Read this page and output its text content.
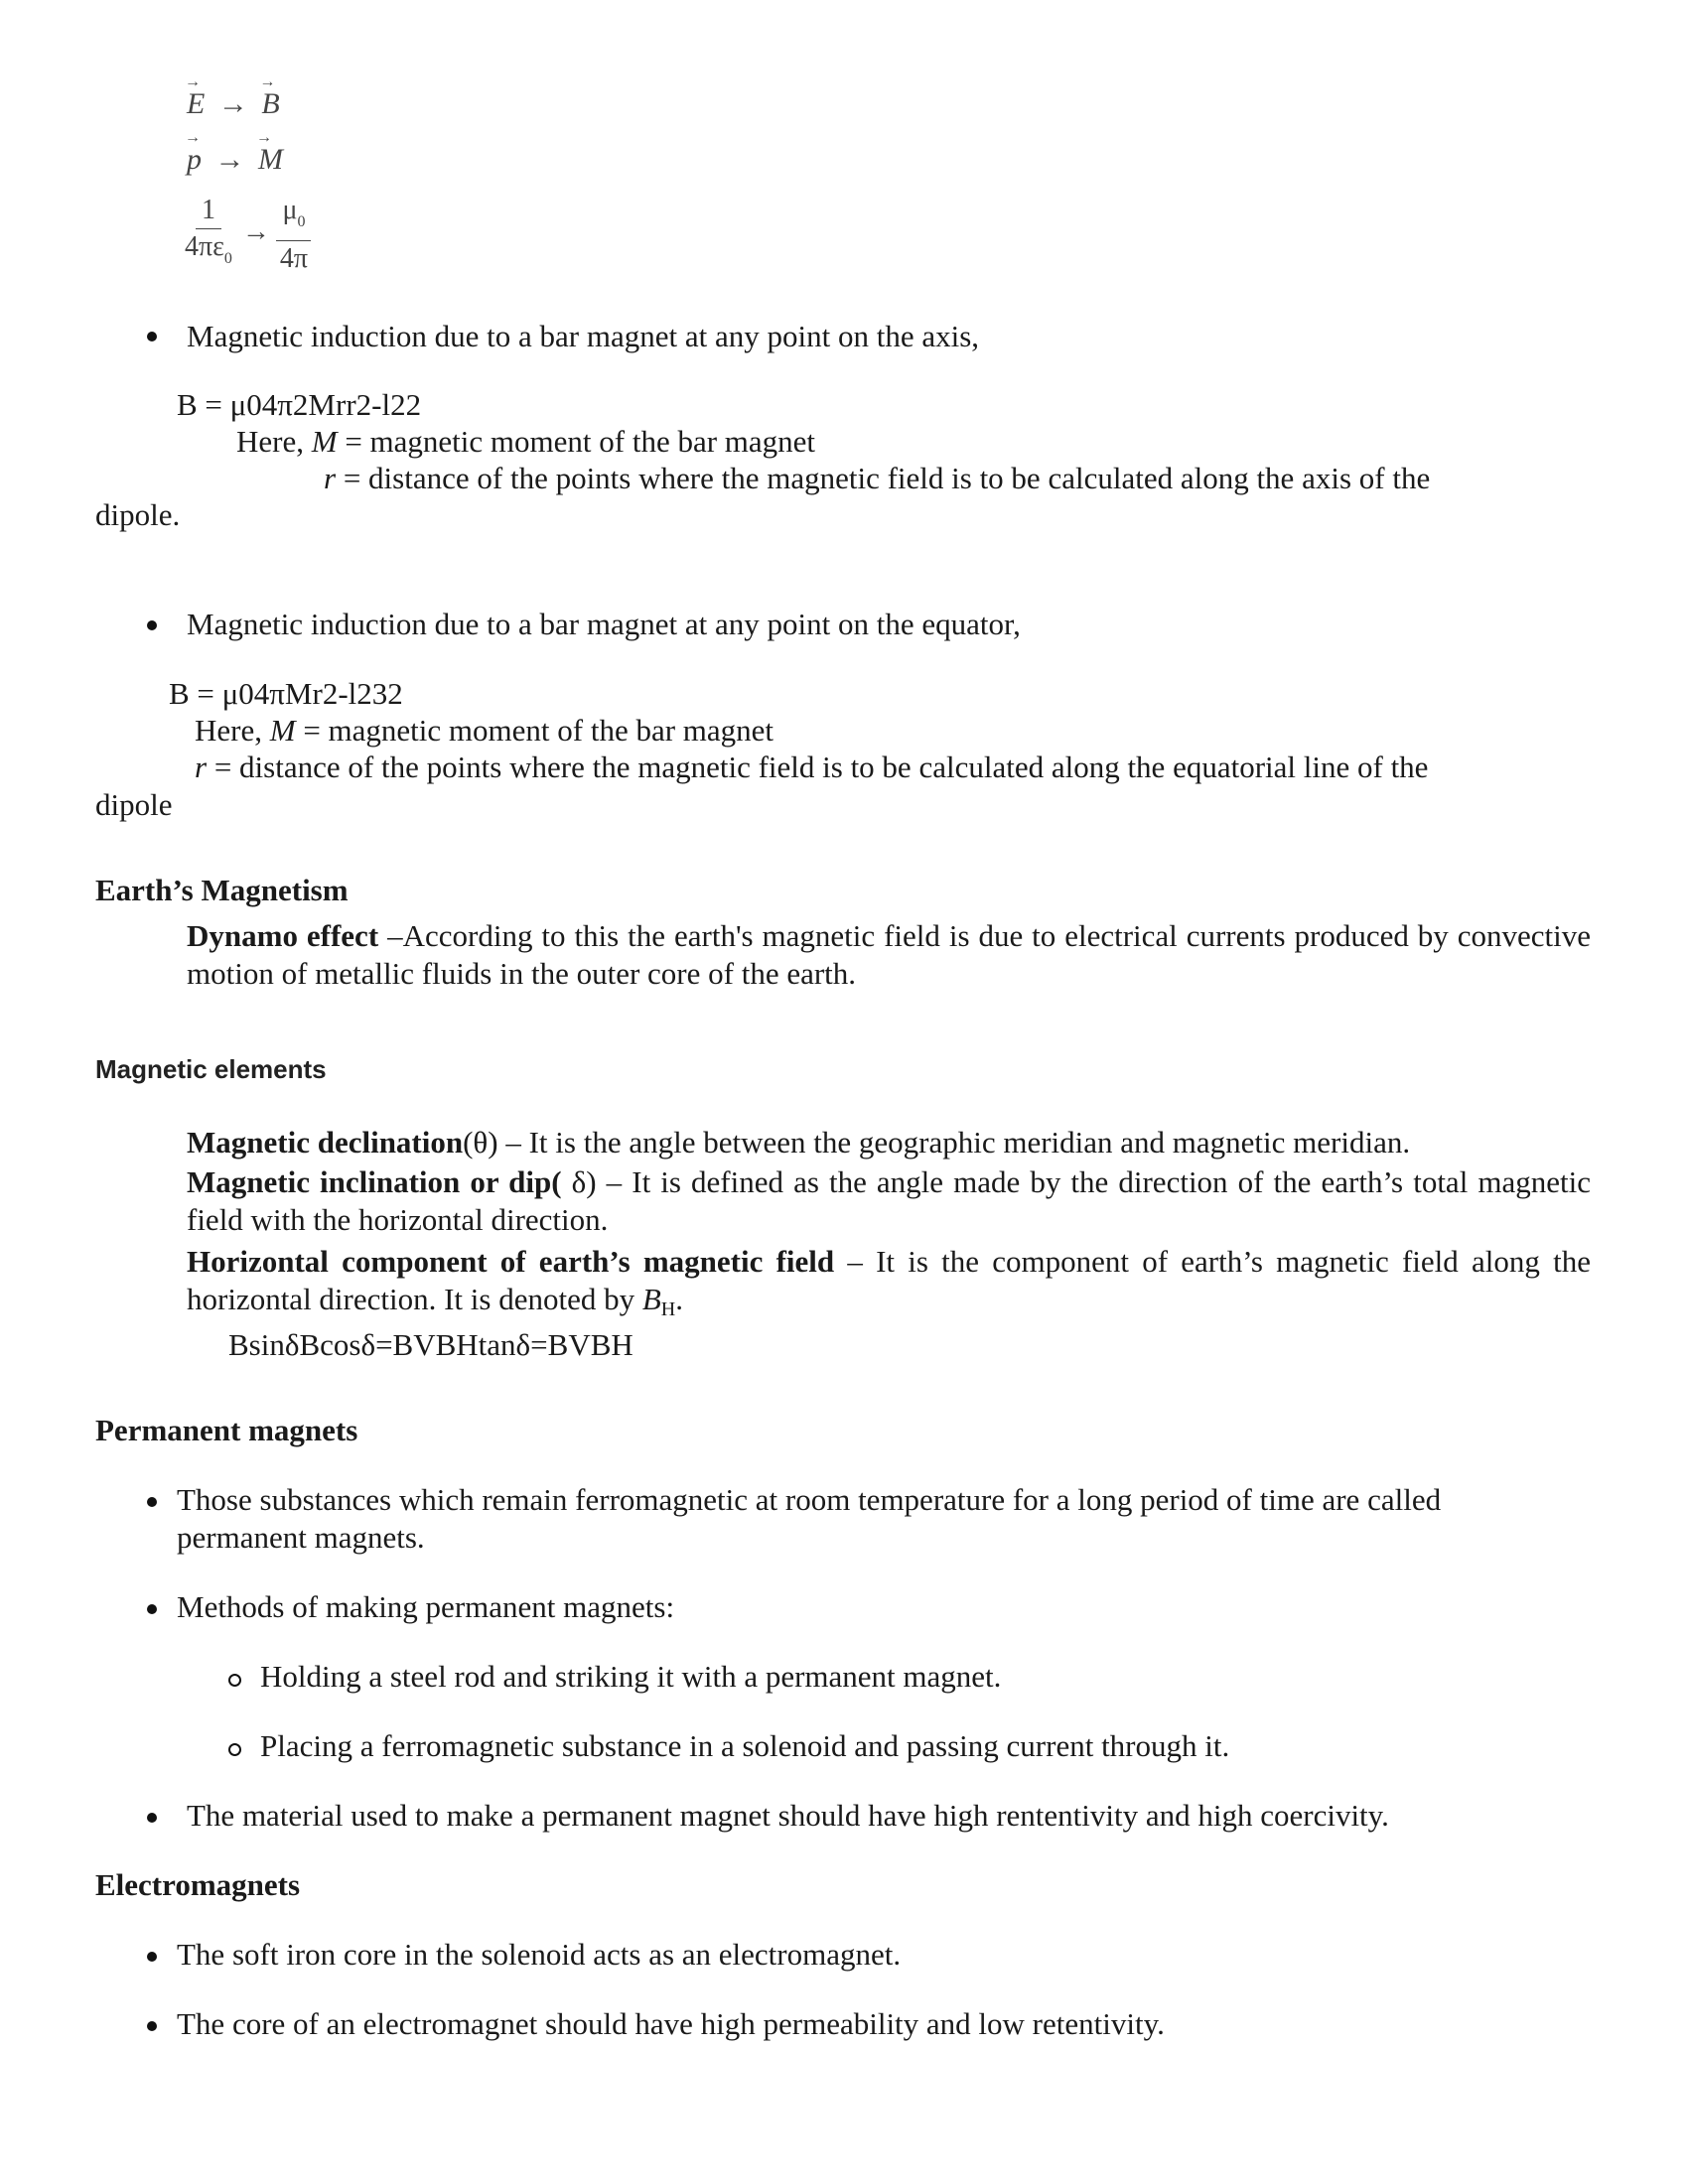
→ E → → B
→ p → → M
$\frac{1}{4\pi\varepsilon_0} \to \frac{\mu_0}{4\pi}$
Magnetic induction due to a bar magnet at any point on the axis,
B = μ04π2Mrr2-l22
Here, M = magnetic moment of the bar magnet
r = distance of the points where the magnetic field is to be calculated along the axis of the
dipole.
Magnetic induction due to a bar magnet at any point on the equator,
B = μ04πMr2-l232
Here, M = magnetic moment of the bar magnet
r = distance of the points where the magnetic field is to be calculated along the equatorial line of the
dipole
Earth’s Magnetism
Dynamo effect –According to this the earth's magnetic field is due to electrical currents produced by convective motion of metallic fluids in the outer core of the earth.
Magnetic elements
Magnetic declination(θ) – It is the angle between the geographic meridian and magnetic meridian.
Magnetic inclination or dip( δ) – It is defined as the angle made by the direction of the earth’s total magnetic field with the horizontal direction.
Horizontal component of earth’s magnetic field – It is the component of earth’s magnetic field along the horizontal direction. It is denoted by $B_H$.
BsinδBcosδ=BVBHtanδ=BVBH
Permanent magnets
Those substances which remain ferromagnetic at room temperature for a long period of time are called permanent magnets.
Methods of making permanent magnets:
Holding a steel rod and striking it with a permanent magnet.
Placing a ferromagnetic substance in a solenoid and passing current through it.
The material used to make a permanent magnet should have high rententivity and high coercivity.
Electromagnets
The soft iron core in the solenoid acts as an electromagnet.
The core of an electromagnet should have high permeability and low retentivity.
